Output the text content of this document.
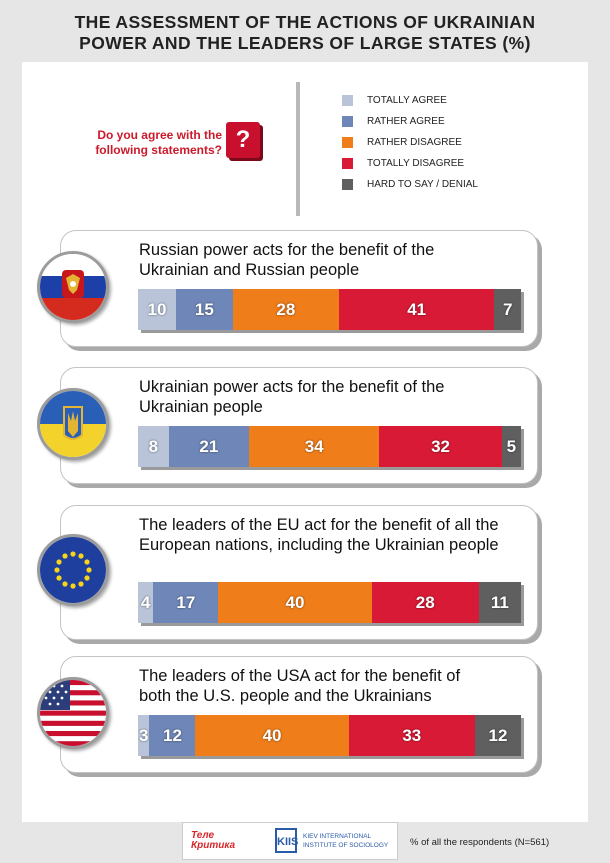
THE ASSESSMENT OF THE ACTIONS OF UKRAINIAN
POWER AND THE LEADERS OF LARGE STATES (%)
Do you agree with the
following statements? ?
TOTALLY AGREE
RATHER AGREE
RATHER DISAGREE
TOTALLY DISAGREE
HARD TO SAY / DENIAL
Russian power acts for the benefit of the
Ukrainian and Russian people
10	15	28	41	7
Ukrainian power acts for the benefit of the
Ukrainian people
8	21	34	32	5
The leaders of the EU act for the benefit of all the
European nations, including the Ukrainian people
4	17	40	28	11
The leaders of the USA act for the benefit of
both the U.S. people and the Ukrainians
3 12	40	33	12
Теле
Критика	KIIS KIEV INTERNATIONAL
INSTITUTE OF SOCIOLOGY % of all the respondents (N=561)
